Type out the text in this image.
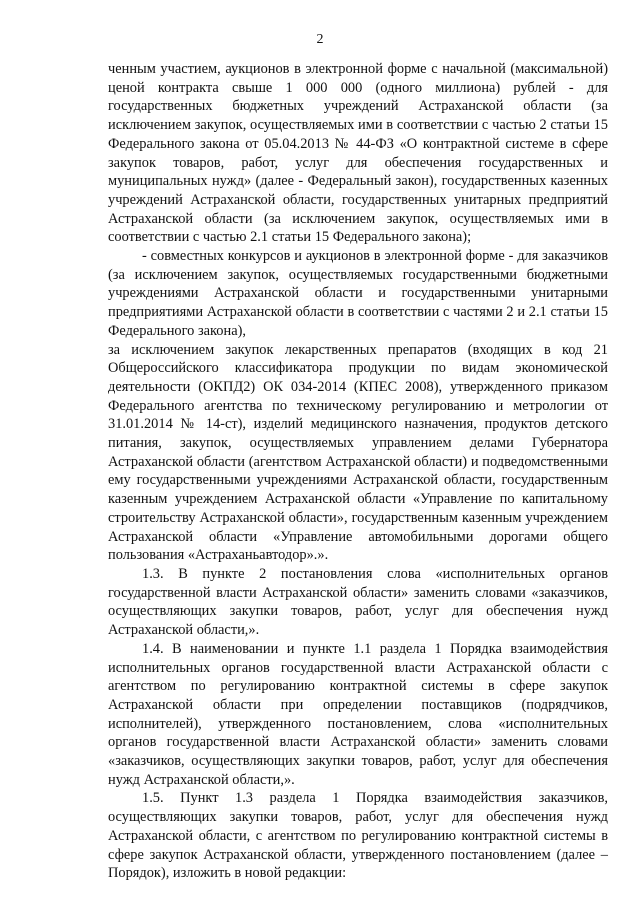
2

ченным участием, аукционов в электронной форме с начальной (максимальной) ценой контракта свыше 1 000 000 (одного миллиона) рублей - для государственных бюджетных учреждений Астраханской области (за исключением закупок, осуществляемых ими в соответствии с частью 2 статьи 15 Федерального закона от 05.04.2013 № 44-ФЗ «О контрактной системе в сфере закупок товаров, работ, услуг для обеспечения государственных и муниципальных нужд» (далее - Федеральный закон), государственных казенных учреждений Астраханской области, государственных унитарных предприятий Астраханской области (за исключением закупок, осуществляемых ими в соответствии с частью 2.1 статьи 15 Федерального закона);

- совместных конкурсов и аукционов в электронной форме - для заказчиков (за исключением закупок, осуществляемых государственными бюджетными учреждениями Астраханской области и государственными унитарными предприятиями Астраханской области в соответствии с частями 2 и 2.1 статьи 15 Федерального закона),

за исключением закупок лекарственных препаратов (входящих в код 21 Общероссийского классификатора продукции по видам экономической деятельности (ОКПД2) ОК 034-2014 (КПЕС 2008), утвержденного приказом Федерального агентства по техническому регулированию и метрологии от 31.01.2014 № 14-ст), изделий медицинского назначения, продуктов детского питания, закупок, осуществляемых управлением делами Губернатора Астраханской области (агентством Астраханской области) и подведомственными ему государственными учреждениями Астраханской области, государственным казенным учреждением Астраханской области «Управление по капитальному строительству Астраханской области», государственным казенным учреждением Астраханской области «Управление автомобильными дорогами общего пользования «Астраханьавтодор».».

1.3. В пункте 2 постановления слова «исполнительных органов государственной власти Астраханской области» заменить словами «заказчиков, осуществляющих закупки товаров, работ, услуг для обеспечения нужд Астраханской области,».

1.4. В наименовании и пункте 1.1 раздела 1 Порядка взаимодействия исполнительных органов государственной власти Астраханской области с агентством по регулированию контрактной системы в сфере закупок Астраханской области при определении поставщиков (подрядчиков, исполнителей), утвержденного постановлением, слова «исполнительных органов государственной власти Астраханской области» заменить словами «заказчиков, осуществляющих закупки товаров, работ, услуг для обеспечения нужд Астраханской области,».

1.5. Пункт 1.3 раздела 1 Порядка взаимодействия заказчиков, осуществляющих закупки товаров, работ, услуг для обеспечения нужд Астраханской области, с агентством по регулированию контрактной системы в сфере закупок Астраханской области, утвержденного постановлением (далее – Порядок), изложить в новой редакции:
